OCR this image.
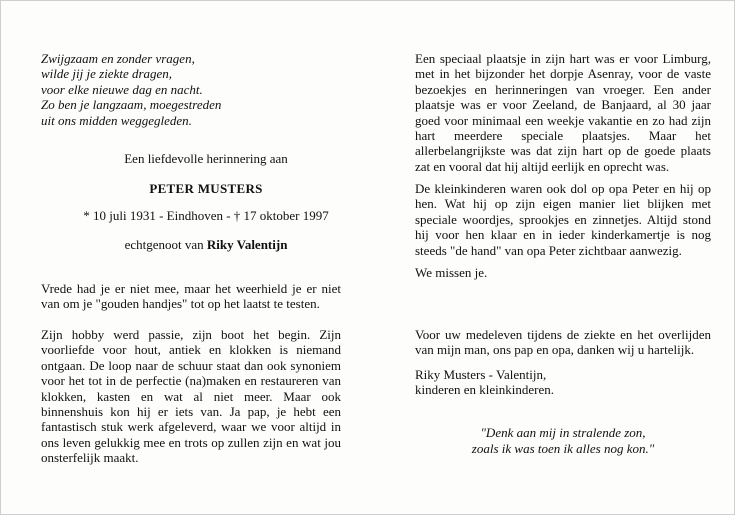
Zwijgzaam en zonder vragen,
wilde jij je ziekte dragen,
voor elke nieuwe dag en nacht.
Zo ben je langzaam, moegestreden
uit ons midden weggegleden.

Een liefdevolle herinnering aan

PETER MUSTERS

* 10 juli 1931 - Eindhoven - † 17 oktober 1997

echtgenoot van Riky Valentijn

Vrede had je er niet mee, maar het weerhield je er niet van om je "gouden handjes" tot op het laatst te testen.

Zijn hobby werd passie, zijn boot het begin. Zijn voorliefde voor hout, antiek en klokken is niemand ontgaan. De loop naar de schuur staat dan ook synoniem voor het tot in de perfectie (na)maken en restaureren van klokken, kasten en wat al niet meer. Maar ook binnenshuis kon hij er iets van. Ja pap, je hebt een fantastisch stuk werk afgeleverd, waar we voor altijd in ons leven gelukkig mee en trots op zullen zijn en wat jou onsterfelijk maakt.

Een speciaal plaatsje in zijn hart was er voor Limburg, met in het bijzonder het dorpje Asenray, voor de vaste bezoekjes en herinneringen van vroeger. Een ander plaatsje was er voor Zeeland, de Banjaard, al 30 jaar goed voor minimaal een weekje vakantie en zo had zijn hart meerdere speciale plaatsjes. Maar het allerbelangrijkste was dat zijn hart op de goede plaats zat en vooral dat hij altijd eerlijk en oprecht was.

De kleinkinderen waren ook dol op opa Peter en hij op hen. Wat hij op zijn eigen manier liet blijken met speciale woordjes, sprookjes en zinnetjes. Altijd stond hij voor hen klaar en in ieder kinderkamertje is nog steeds "de hand" van opa Peter zichtbaar aanwezig.

We missen je.

Voor uw medeleven tijdens de ziekte en het overlijden van mijn man, ons pap en opa, danken wij u hartelijk.

Riky Musters - Valentijn,

kinderen en kleinkinderen.

"Denk aan mij in stralende zon,

zoals ik was toen ik alles nog kon."
